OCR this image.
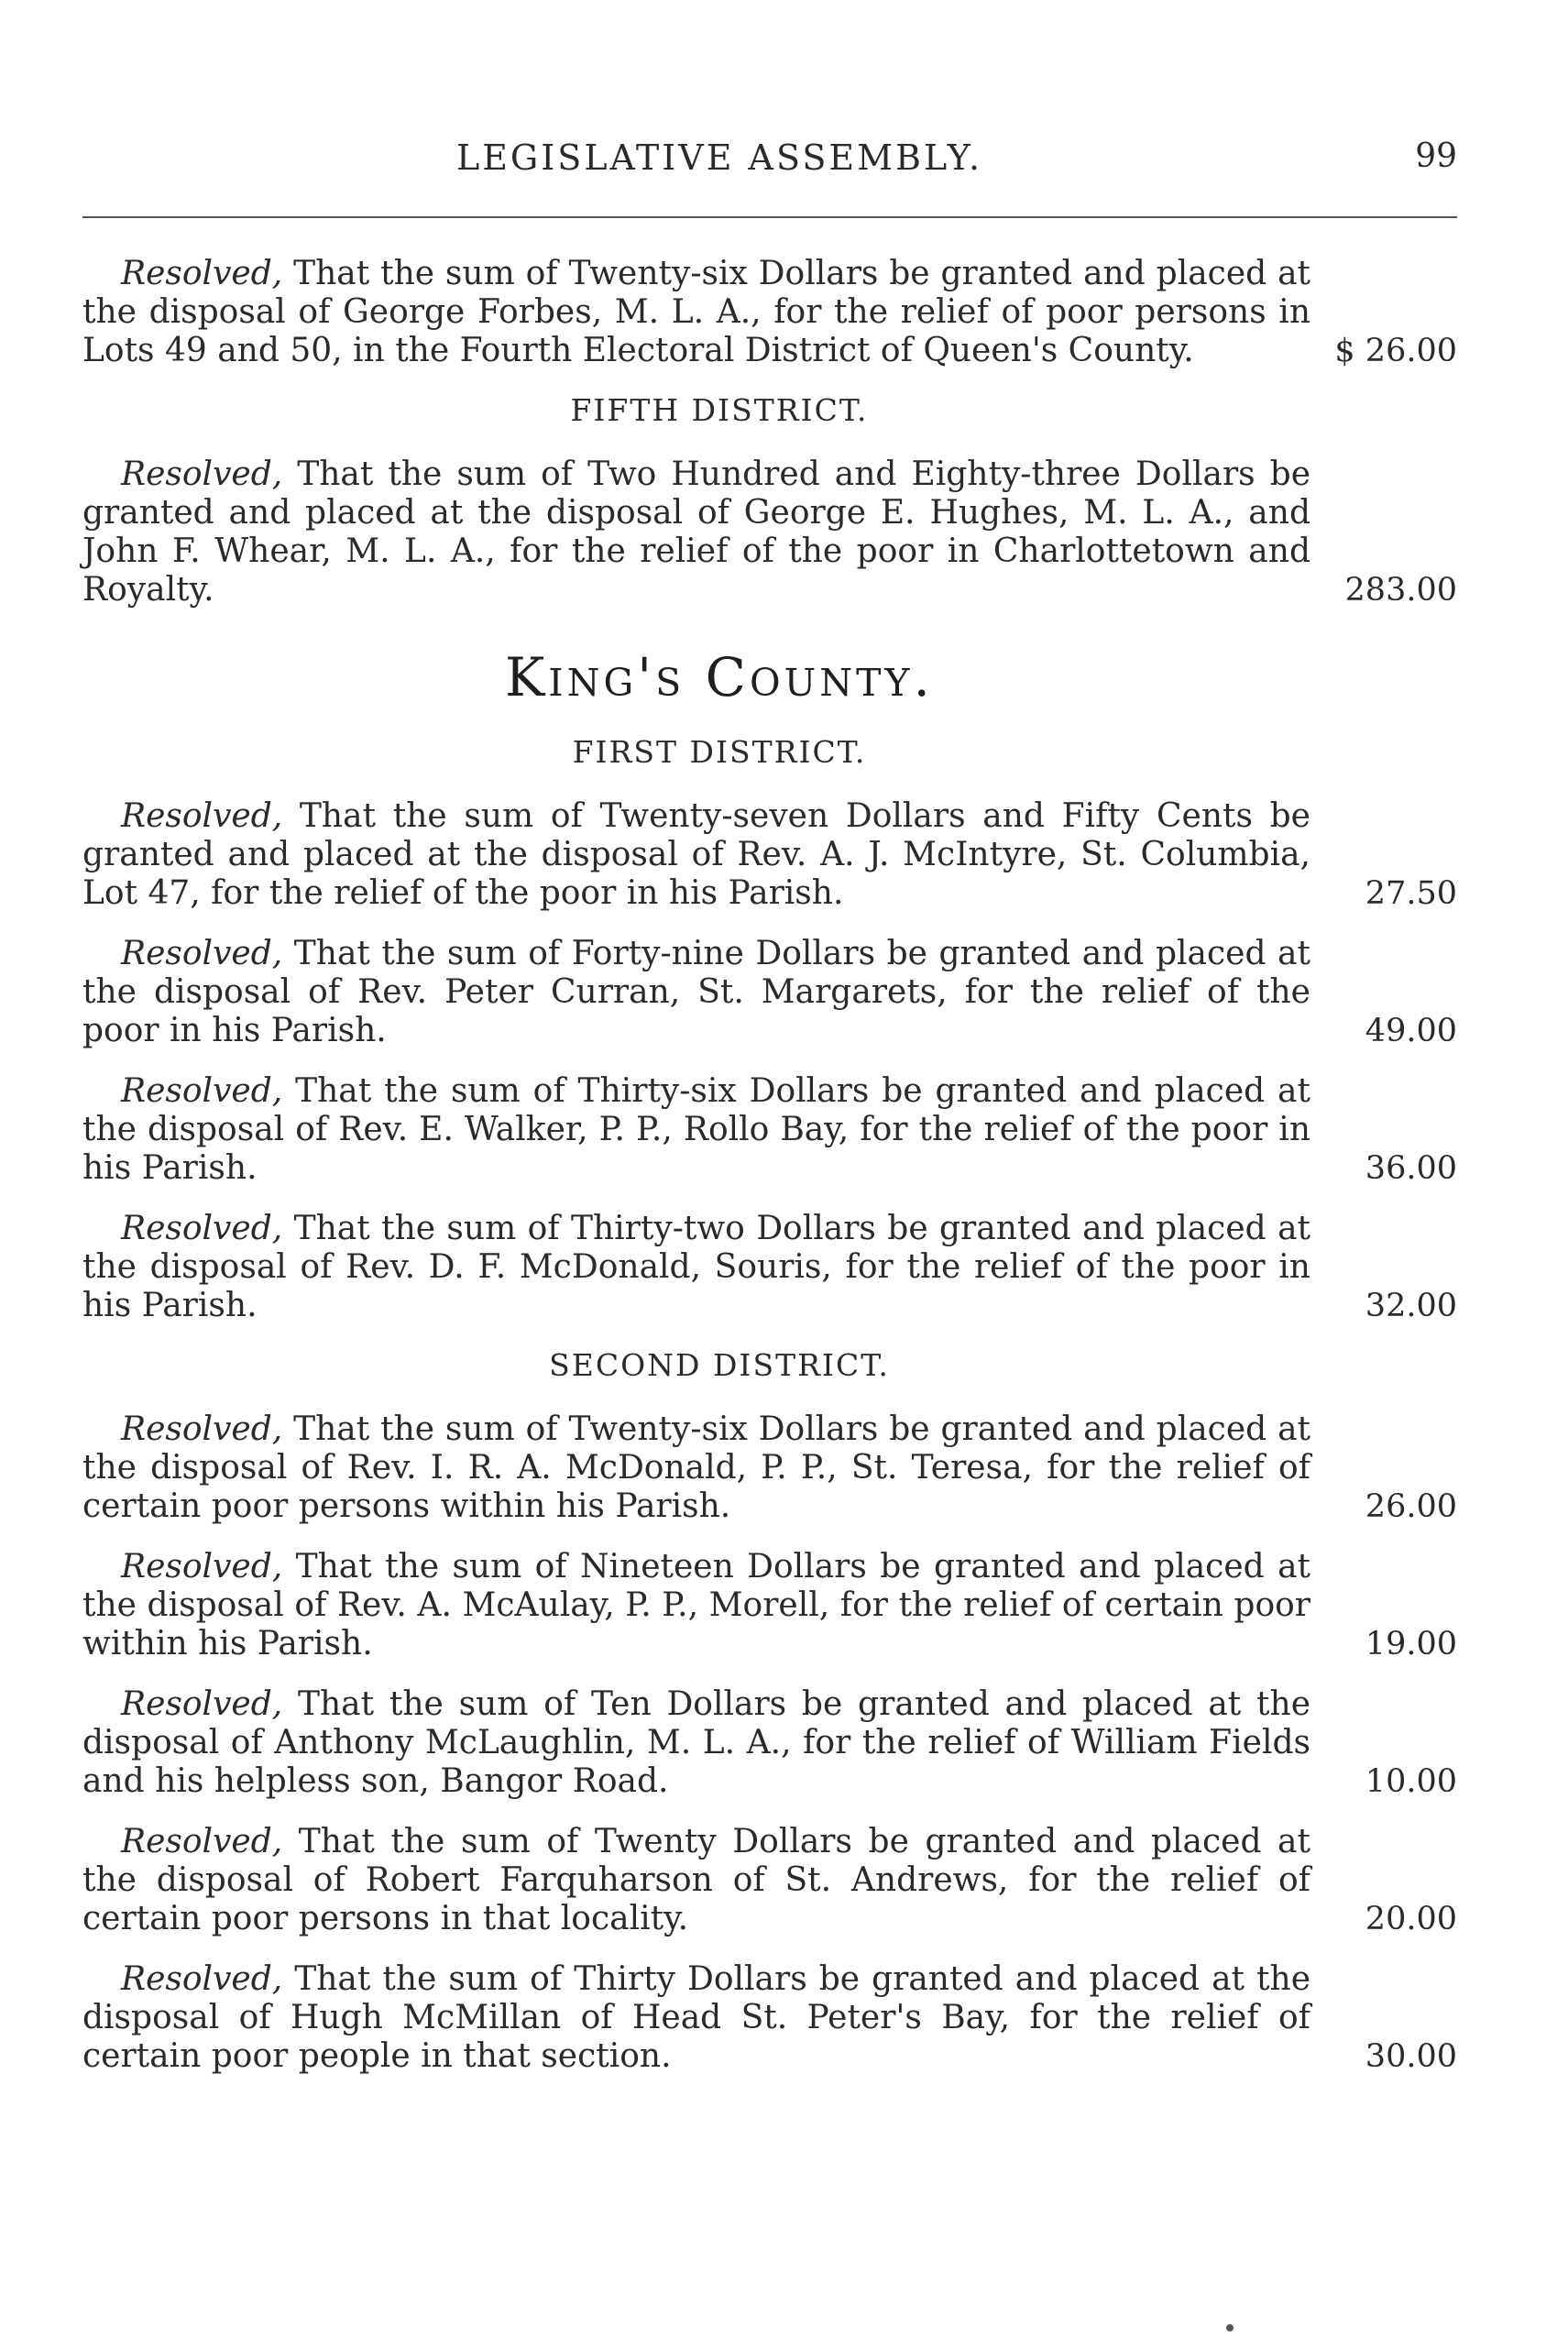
LEGISLATIVE ASSEMBLY.	99
Resolved, That the sum of Twenty-six Dollars be granted and placed at the disposal of George Forbes, M. L. A., for the relief of poor persons in Lots 49 and 50, in the Fourth Electoral District of Queen's County.	$ 26.00
FIFTH DISTRICT.
Resolved, That the sum of Two Hundred and Eighty-three Dollars be granted and placed at the disposal of George E. Hughes, M. L. A., and John F. Whear, M. L. A., for the relief of the poor in Charlottetown and Royalty.	283.00
King's County.
FIRST DISTRICT.
Resolved, That the sum of Twenty-seven Dollars and Fifty Cents be granted and placed at the disposal of Rev. A. J. McIntyre, St. Columbia, Lot 47, for the relief of the poor in his Parish.	27.50
Resolved, That the sum of Forty-nine Dollars be granted and placed at the disposal of Rev. Peter Curran, St. Margarets, for the relief of the poor in his Parish.	49.00
Resolved, That the sum of Thirty-six Dollars be granted and placed at the disposal of Rev. E. Walker, P. P., Rollo Bay, for the relief of the poor in his Parish.	36.00
Resolved, That the sum of Thirty-two Dollars be granted and placed at the disposal of Rev. D. F. McDonald, Souris, for the relief of the poor in his Parish.	32.00
SECOND DISTRICT.
Resolved, That the sum of Twenty-six Dollars be granted and placed at the disposal of Rev. I. R. A. McDonald, P. P., St. Teresa, for the relief of certain poor persons within his Parish.	26.00
Resolved, That the sum of Nineteen Dollars be granted and placed at the disposal of Rev. A. McAulay, P. P., Morell, for the relief of certain poor within his Parish.	19.00
Resolved, That the sum of Ten Dollars be granted and placed at the disposal of Anthony McLaughlin, M. L. A., for the relief of William Fields and his helpless son, Bangor Road.	10.00
Resolved, That the sum of Twenty Dollars be granted and placed at the disposal of Robert Farquharson of St. Andrews, for the relief of certain poor persons in that locality.	20.00
Resolved, That the sum of Thirty Dollars be granted and placed at the disposal of Hugh McMillan of Head St. Peter's Bay, for the relief of certain poor people in that section.	30.00
